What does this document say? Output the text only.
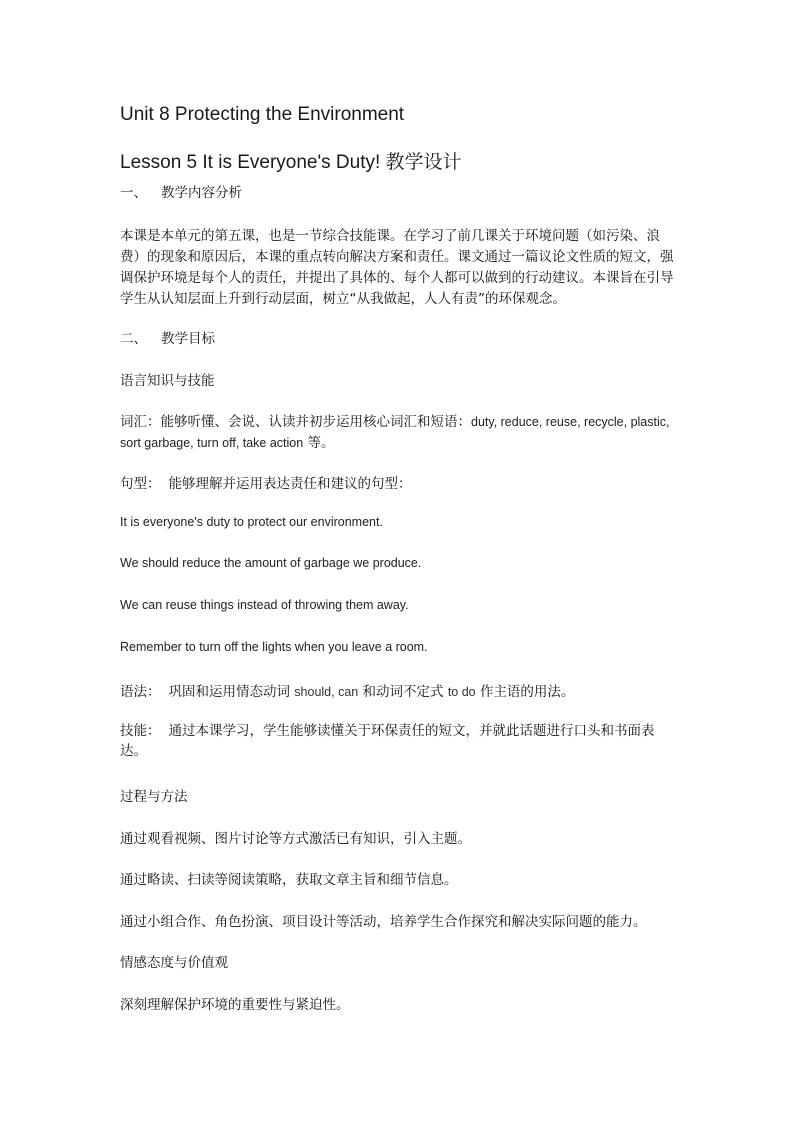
Unit 8 Protecting the Environment
Lesson 5 It is Everyone's Duty! 教学设计
一、 教学内容分析
本课是本单元的第五课，也是一节综合技能课。在学习了前几课关于环境问题（如污染、浪费）的现象和原因后，本课的重点转向解决方案和责任。课文通过一篇议论文性质的短文，强调保护环境是每个人的责任，并提出了具体的、每个人都可以做到的行动建议。本课旨在引导学生从认知层面上升到行动层面，树立“从我做起，人人有责”的环保观念。
二、 教学目标
语言知识与技能
词汇：能够听懂、会说、认读并初步运用核心词汇和短语：duty, reduce, reuse, recycle, plastic,
sort garbage, turn off, take action 等。
句型： 能够理解并运用表达责任和建议的句型：
It is everyone's duty to protect our environment.
We should reduce the amount of garbage we produce.
We can reuse things instead of throwing them away.
Remember to turn off the lights when you leave a room.
语法： 巩固和运用情态动词 should, can 和动词不定式 to do 作主语的用法。
技能： 通过本课学习，学生能够读懂关于环保责任的短文，并就此话题进行口头和书面表达。
过程与方法
通过观看视频、图片讨论等方式激活已有知识，引入主题。
通过略读、扫读等阅读策略，获取文章主旨和细节信息。
通过小组合作、角色扮演、项目设计等活动，培养学生合作探究和解决实际问题的能力。
情感态度与价值观
深刻理解保护环境的重要性与紧迫性。
